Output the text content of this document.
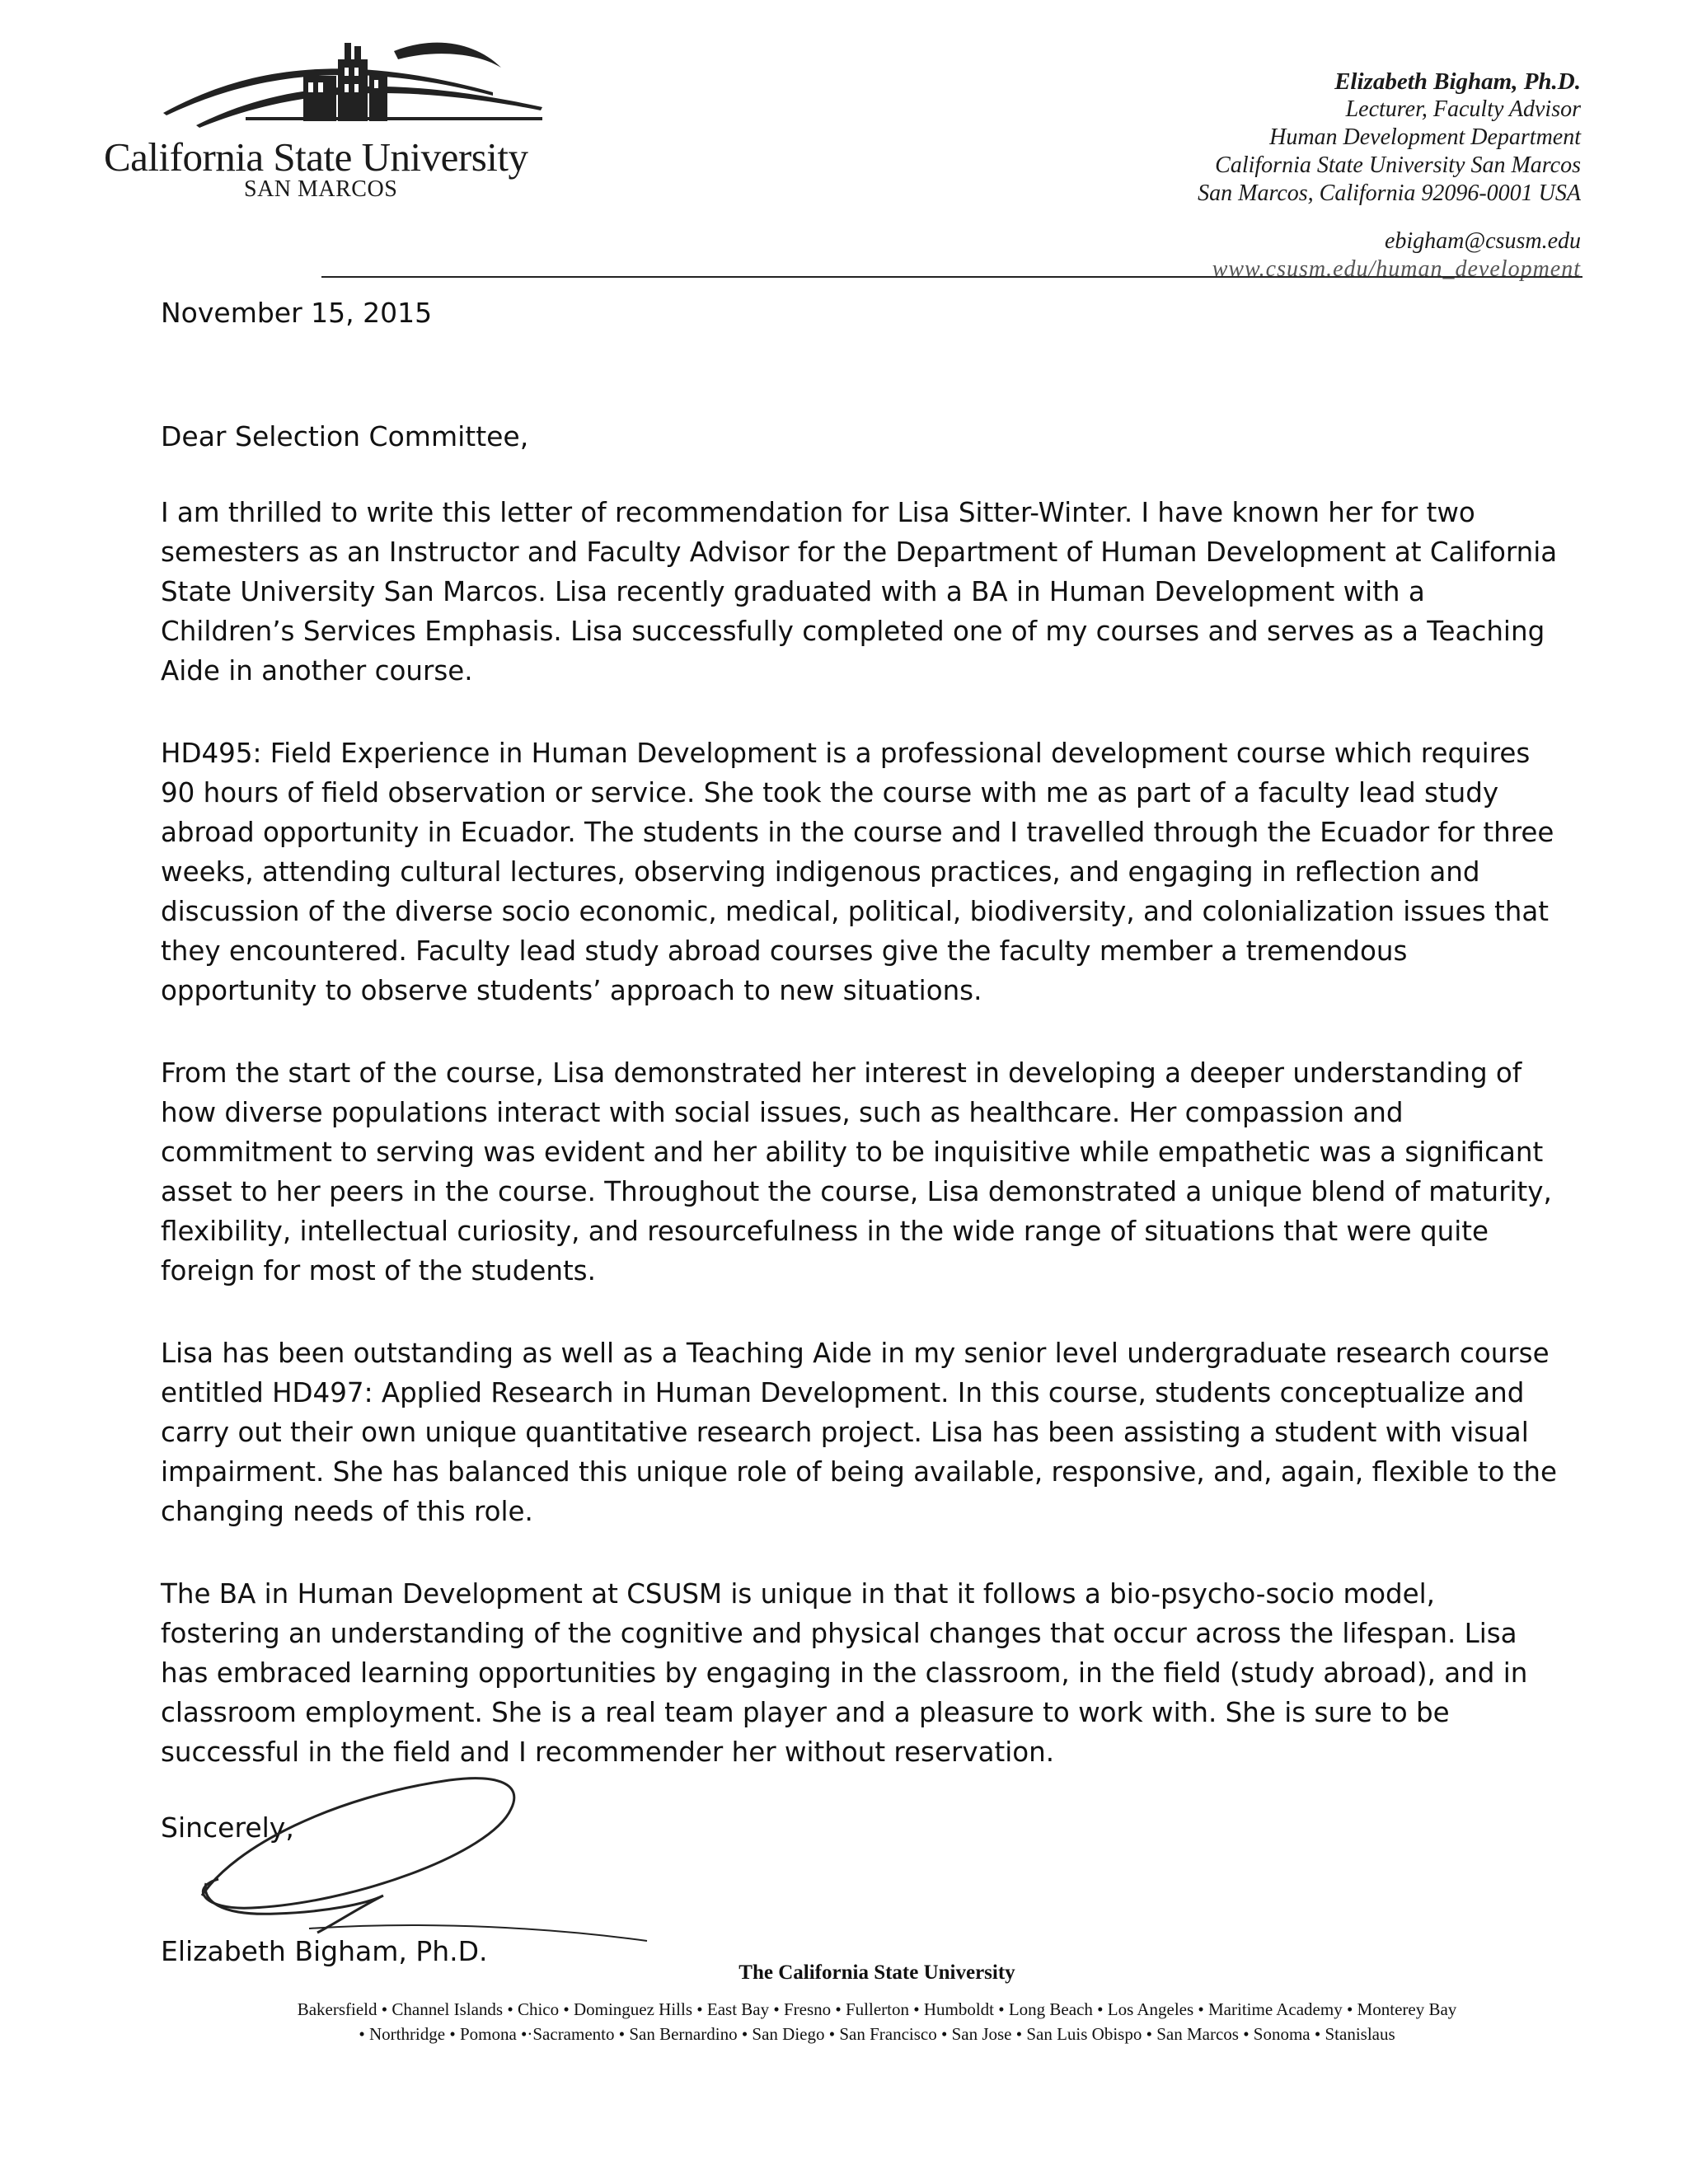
California State University
SAN MARCOS
Elizabeth Bigham, Ph.D.
Lecturer, Faculty Advisor
Human Development Department
California State University San Marcos
San Marcos, California 92096-0001 USA
ebigham@csusm.edu
www.csusm.edu/human_development
November 15, 2015
Dear Selection Committee,

I am thrilled to write this letter of recommendation for Lisa Sitter-Winter. I have known her for two semesters as an Instructor and Faculty Advisor for the Department of Human Development at California State University San Marcos. Lisa recently graduated with a BA in Human Development with a Children’s Services Emphasis. Lisa successfully completed one of my courses and serves as a Teaching Aide in another course.

HD495: Field Experience in Human Development is a professional development course which requires 90 hours of field observation or service. She took the course with me as part of a faculty lead study abroad opportunity in Ecuador. The students in the course and I travelled through the Ecuador for three weeks, attending cultural lectures, observing indigenous practices, and engaging in reflection and discussion of the diverse socio economic, medical, political, biodiversity, and colonialization issues that they encountered. Faculty lead study abroad courses give the faculty member a tremendous opportunity to observe students’ approach to new situations.

From the start of the course, Lisa demonstrated her interest in developing a deeper understanding of how diverse populations interact with social issues, such as healthcare. Her compassion and commitment to serving was evident and her ability to be inquisitive while empathetic was a significant asset to her peers in the course. Throughout the course, Lisa demonstrated a unique blend of maturity, flexibility, intellectual curiosity, and resourcefulness in the wide range of situations that were quite foreign for most of the students.

Lisa has been outstanding as well as a Teaching Aide in my senior level undergraduate research course entitled HD497: Applied Research in Human Development. In this course, students conceptualize and carry out their own unique quantitative research project. Lisa has been assisting a student with visual impairment. She has balanced this unique role of being available, responsive, and, again, flexible to the changing needs of this role.

The BA in Human Development at CSUSM is unique in that it follows a bio-psycho-socio model, fostering an understanding of the cognitive and physical changes that occur across the lifespan. Lisa has embraced learning opportunities by engaging in the classroom, in the field (study abroad), and in classroom employment. She is a real team player and a pleasure to work with. She is sure to be successful in the field and I recommender her without reservation.

Sincerely,
Elizabeth Bigham, Ph.D.
The California State University
Bakersfield • Channel Islands • Chico • Dominguez Hills • East Bay • Fresno • Fullerton • Humboldt • Long Beach • Los Angeles • Maritime Academy • Monterey Bay
• Northridge • Pomona •·Sacramento • San Bernardino • San Diego • San Francisco • San Jose • San Luis Obispo • San Marcos • Sonoma • Stanislaus
